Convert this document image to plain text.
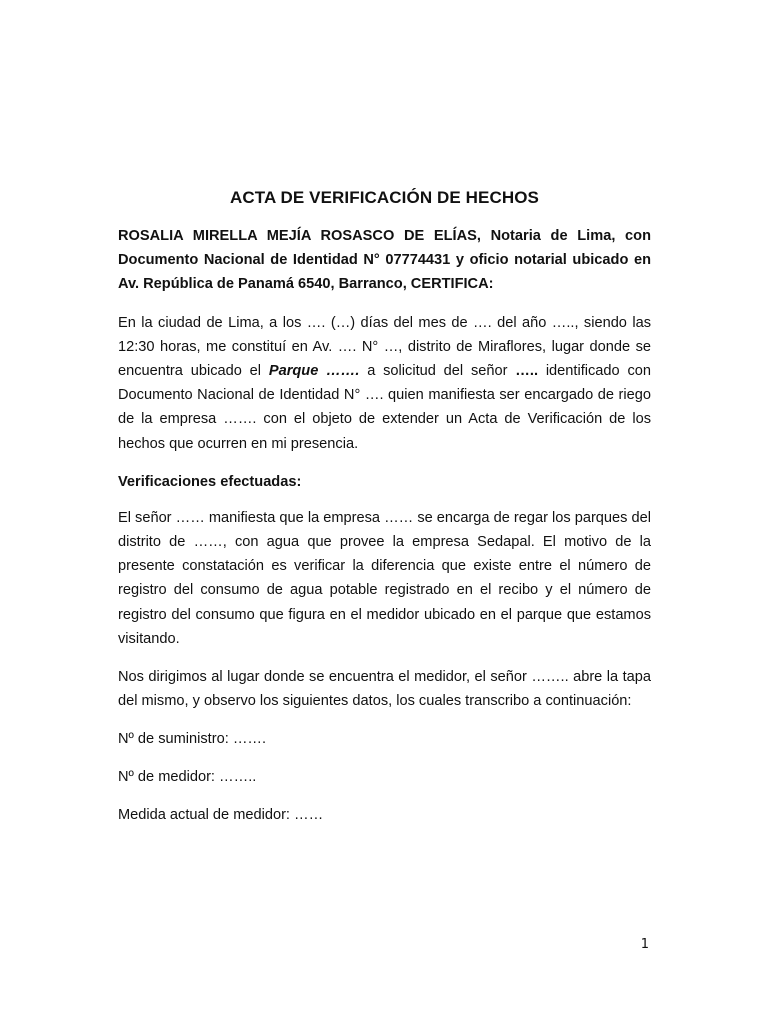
ACTA DE VERIFICACIÓN DE HECHOS

ROSALIA MIRELLA MEJÍA ROSASCO DE ELÍAS, Notaria de Lima, con Documento Nacional de Identidad N° 07774431 y oficio notarial ubicado en Av. República de Panamá 6540, Barranco, CERTIFICA:

En la ciudad de Lima, a los …. (…) días del mes de …. del año ….., siendo las 12:30 horas, me constituí en Av. …. N° …, distrito de Miraflores, lugar donde se encuentra ubicado el Parque ……. a solicitud del señor ….. identificado con Documento Nacional de Identidad N° …. quien manifiesta ser encargado de riego de la empresa ……. con el objeto de extender un Acta de Verificación de los hechos que ocurren en mi presencia.

Verificaciones efectuadas:

El señor …… manifiesta que la empresa …… se encarga de regar los parques del distrito de ……, con agua que provee la empresa Sedapal. El motivo de la presente constatación es verificar la diferencia que existe entre el número de registro del consumo de agua potable registrado en el recibo y el número de registro del consumo que figura en el medidor ubicado en el parque que estamos visitando.

Nos dirigimos al lugar donde se encuentra el medidor, el señor …….. abre la tapa del mismo, y observo los siguientes datos, los cuales transcribo a continuación:

Nº de suministro: …….
Nº de medidor: ……..
Medida actual de medidor: ……
1
